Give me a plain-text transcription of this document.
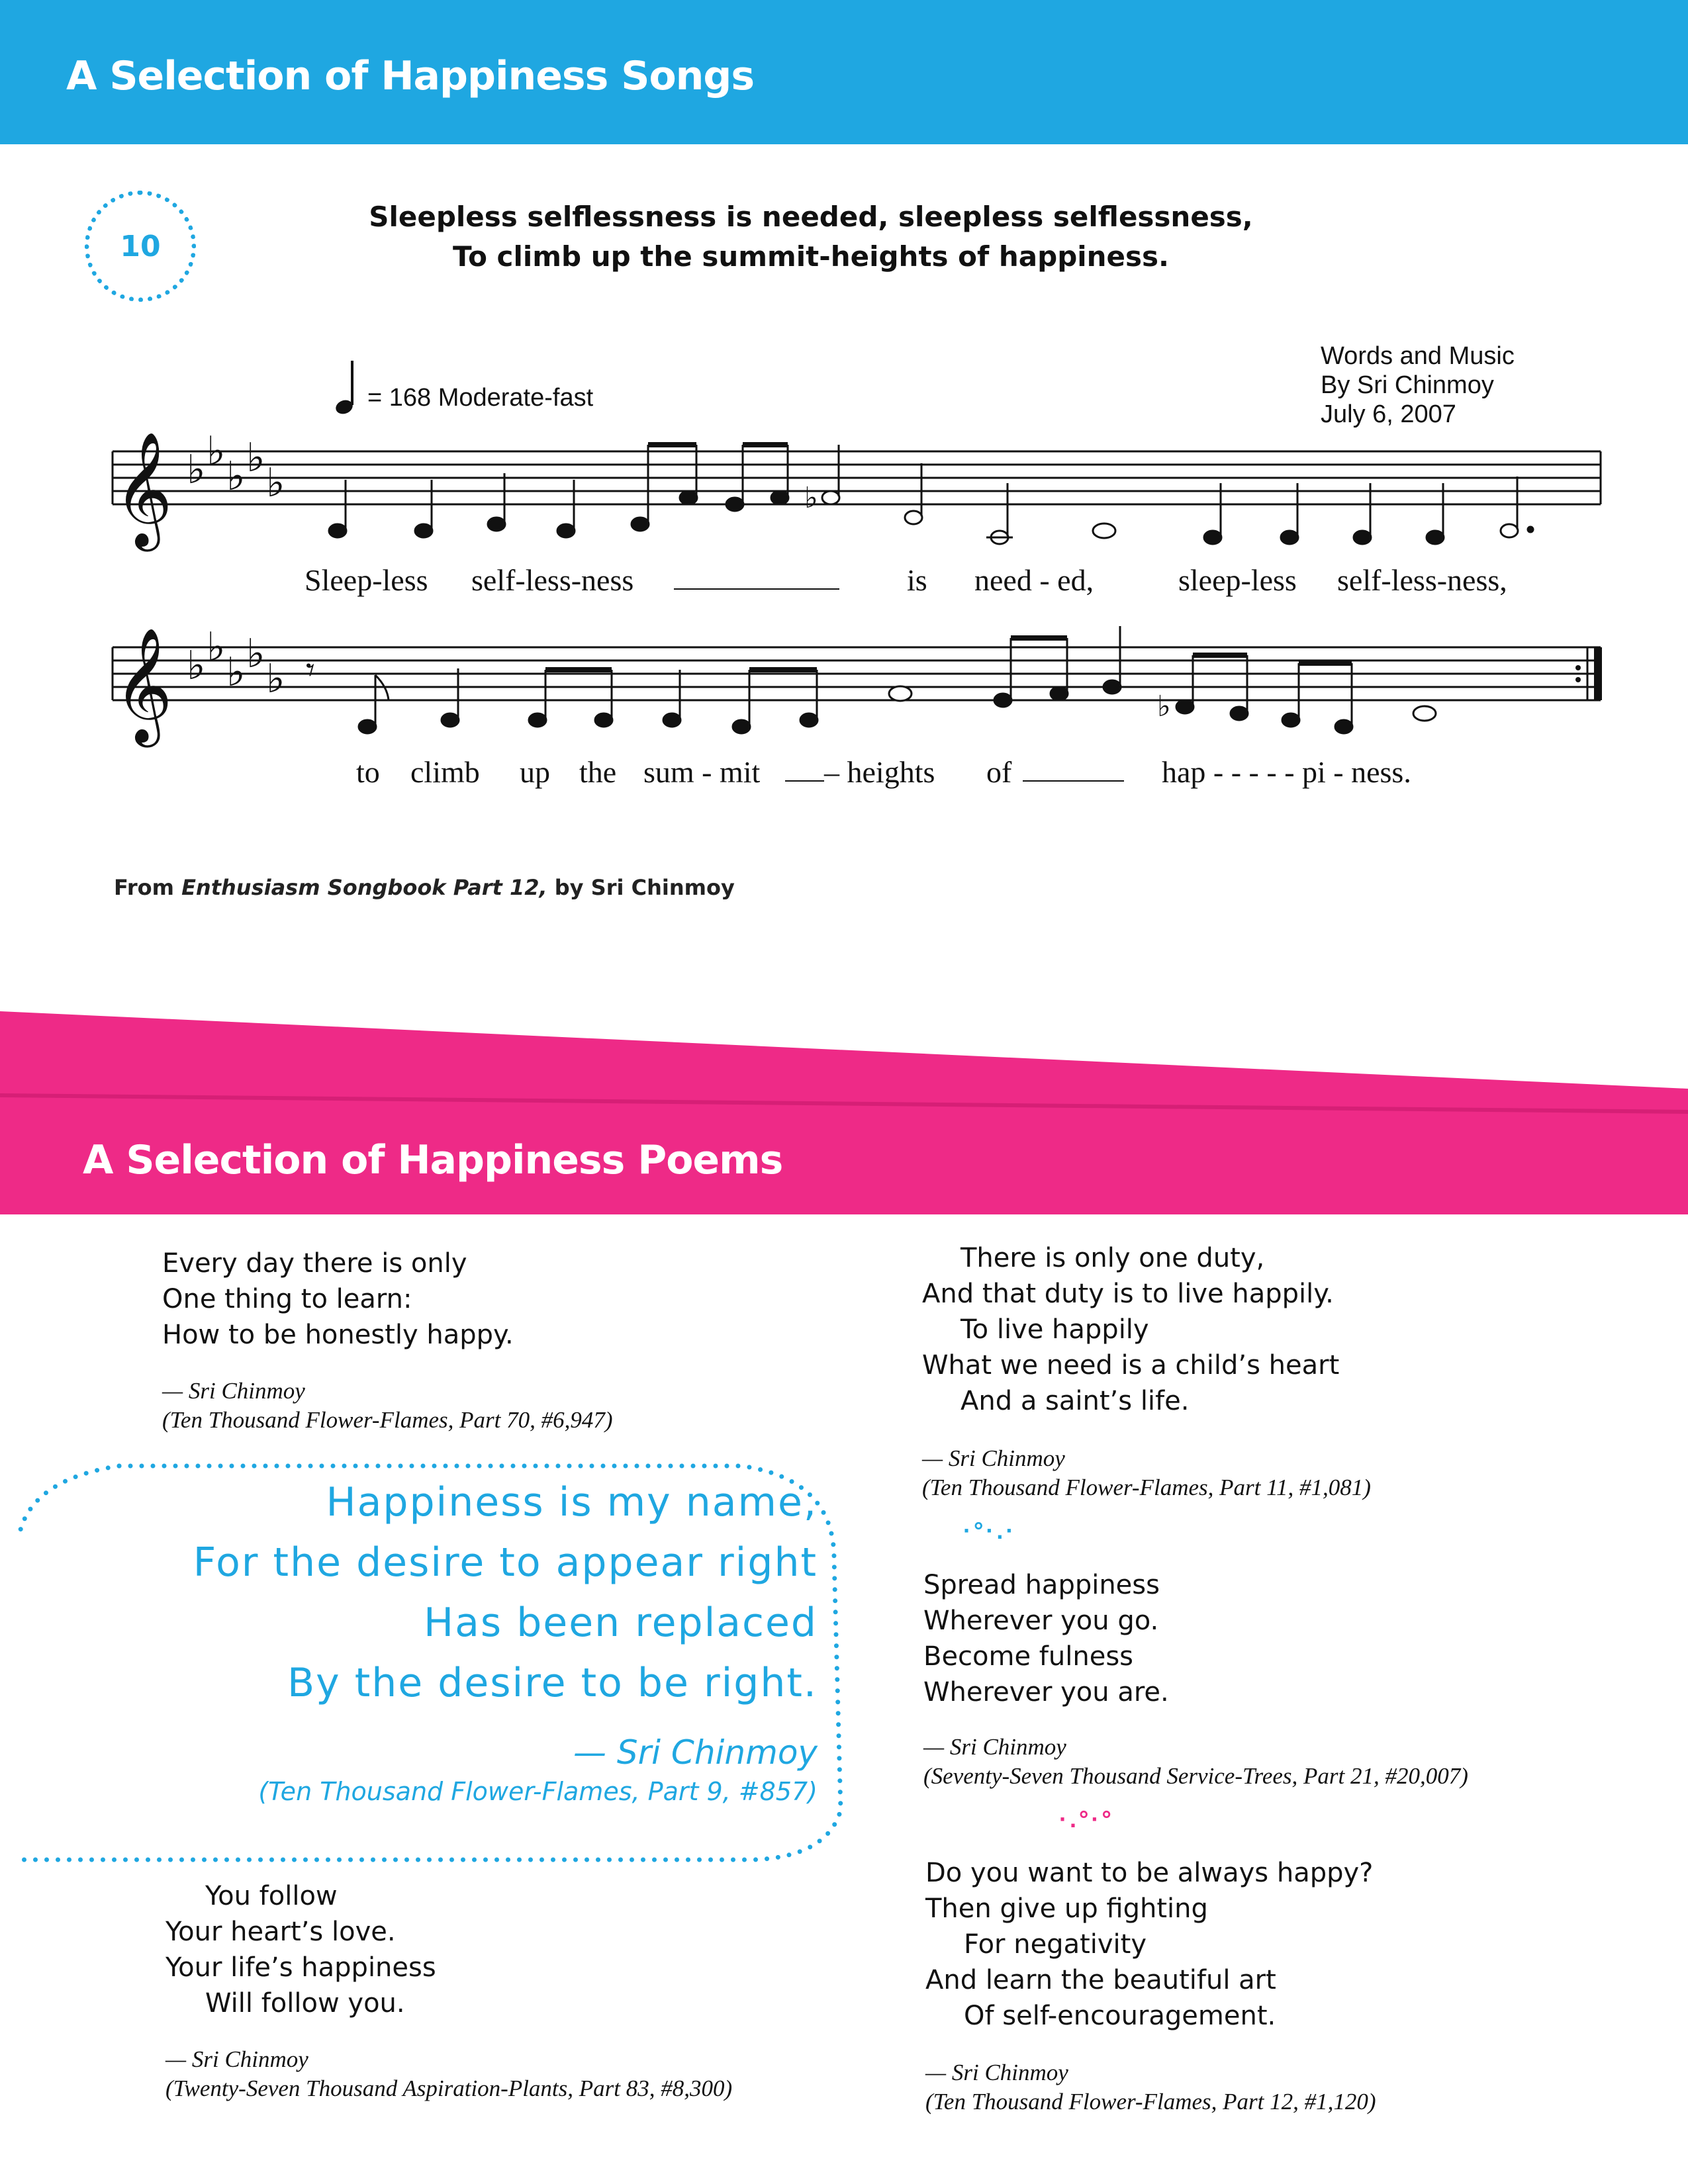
A Selection of Happiness Songs
10
Sleepless selflessness is needed, sleepless selflessness,
To climb up the summit-heights of happiness.
Words and Music
By Sri Chinmoy
July 6, 2007
= 168 Moderate-fast
𝄞
𝄞
♭ ♭
♭ ♭
♭
♭ ♭
♭ ♭
♭
♭
𝄾
♭
Sleep-less self-less-ness	is need - ed,	sleep-less self-less-ness,
to climb up the sum - mit – heights of	hap - - - - - pi - ness.
From Enthusiasm Songbook Part 12, by Sri Chinmoy
A Selection of Happiness Poems
Every day there is only
One thing to learn:
How to be honestly happy.
— Sri Chinmoy
(Ten Thousand Flower-Flames, Part 70, #6,947)
Happiness is my name,
For the desire to appear right
Has been replaced
By the desire to be right.
— Sri Chinmoy
(Ten Thousand Flower-Flames, Part 9, #857)
You follow
Your heart’s love.
Your life’s happiness
Will follow you.
— Sri Chinmoy
(Twenty-Seven Thousand Aspiration-Plants, Part 83, #8,300)
There is only one duty,
And that duty is to live happily.
To live happily
What we need is a child’s heart
And a saint’s life.
— Sri Chinmoy
(Ten Thousand Flower-Flames, Part 11, #1,081)
·°·.·
Spread happiness
Wherever you go.
Become fulness
Wherever you are.
— Sri Chinmoy
(Seventy-Seven Thousand Service-Trees, Part 21, #20,007)
·.°·°
Do you want to be always happy?
Then give up fighting
For negativity
And learn the beautiful art
Of self-encouragement.
— Sri Chinmoy
(Ten Thousand Flower-Flames, Part 12, #1,120)
